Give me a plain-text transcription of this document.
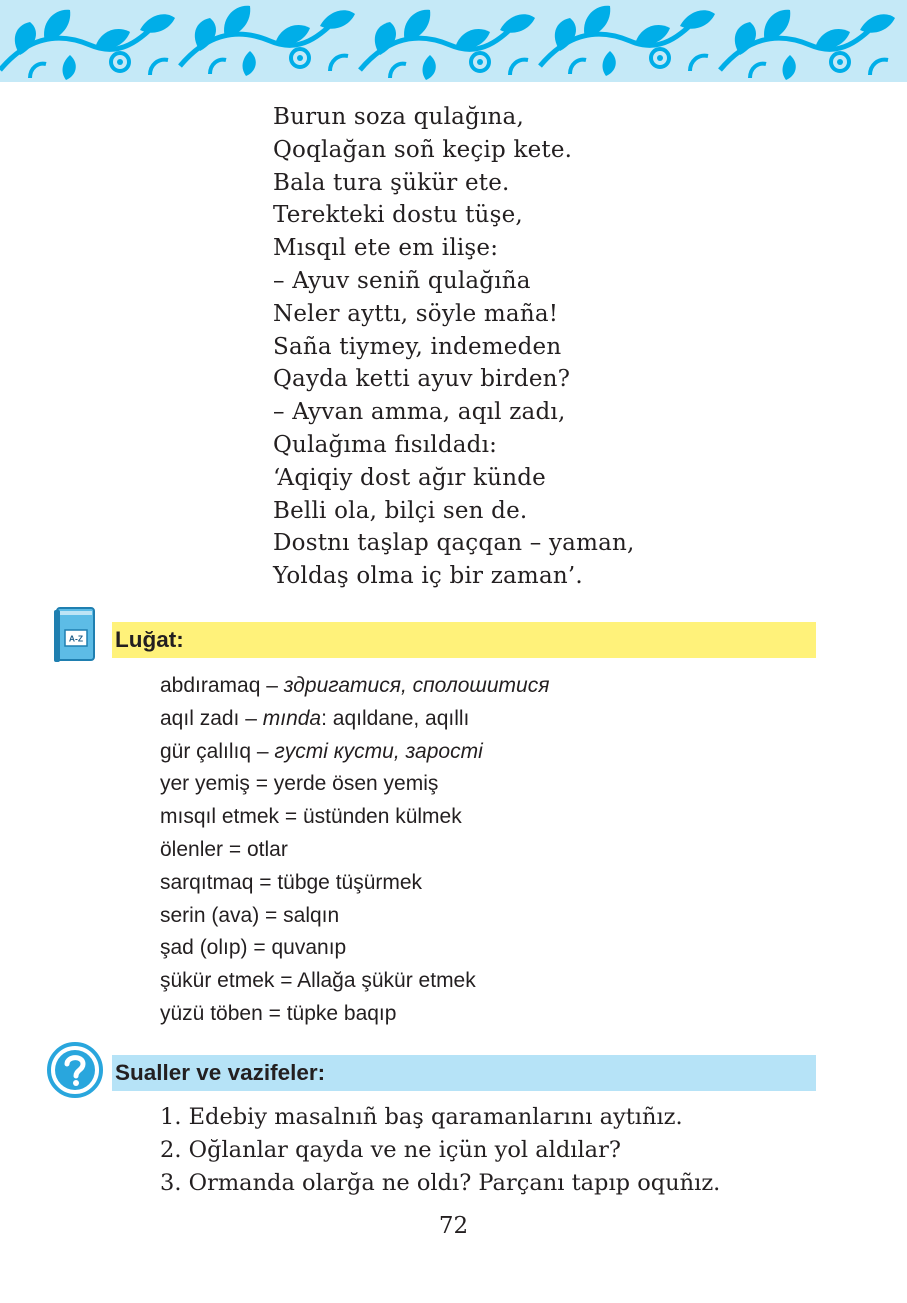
Burun soza qulağına,
Qoqlağan soñ keçip kete.
Bala tura şükür ete.
Terekteki dostu tüşe,
Mısqıl ete em ilişe:
– Ayuv seniñ qulağıña
Neler ayttı, söyle maña!
Saña tiymey, indemeden
Qayda ketti ayuv birden?
– Ayvan amma, aqıl zadı,
Qulağıma fısıldadı:
‘Aqiqiy dost ağır künde
Belli ola, bilçi sen de.
Dostnı taşlap qaçqan – yaman,
Yoldaş olma iç bir zaman’.
A-Z Luğat:
abdıramaq – здригатися, сполошитися
aqıl zadı – mında: aqıldane, aqıllı
gür çalılıq – густі кусти, зарості
yer yemiş = yerde ösen yemiş
mısqıl etmek = üstünden külmek
ölenler = otlar
sarqıtmaq = tübge tüşürmek
serin (ava) = salqın
şad (olıp) = quvanıp
şükür etmek = Allağa şükür etmek
yüzü töben = tüpke baqıp
Sualler ve vazifeler:
1. Edebiy masalnıñ baş qaramanlarını aytıñız.
2. Oğlanlar qayda ve ne içün yol aldılar?
3. Ormanda olarğa ne oldı? Parçanı tapıp oquñız.
72
